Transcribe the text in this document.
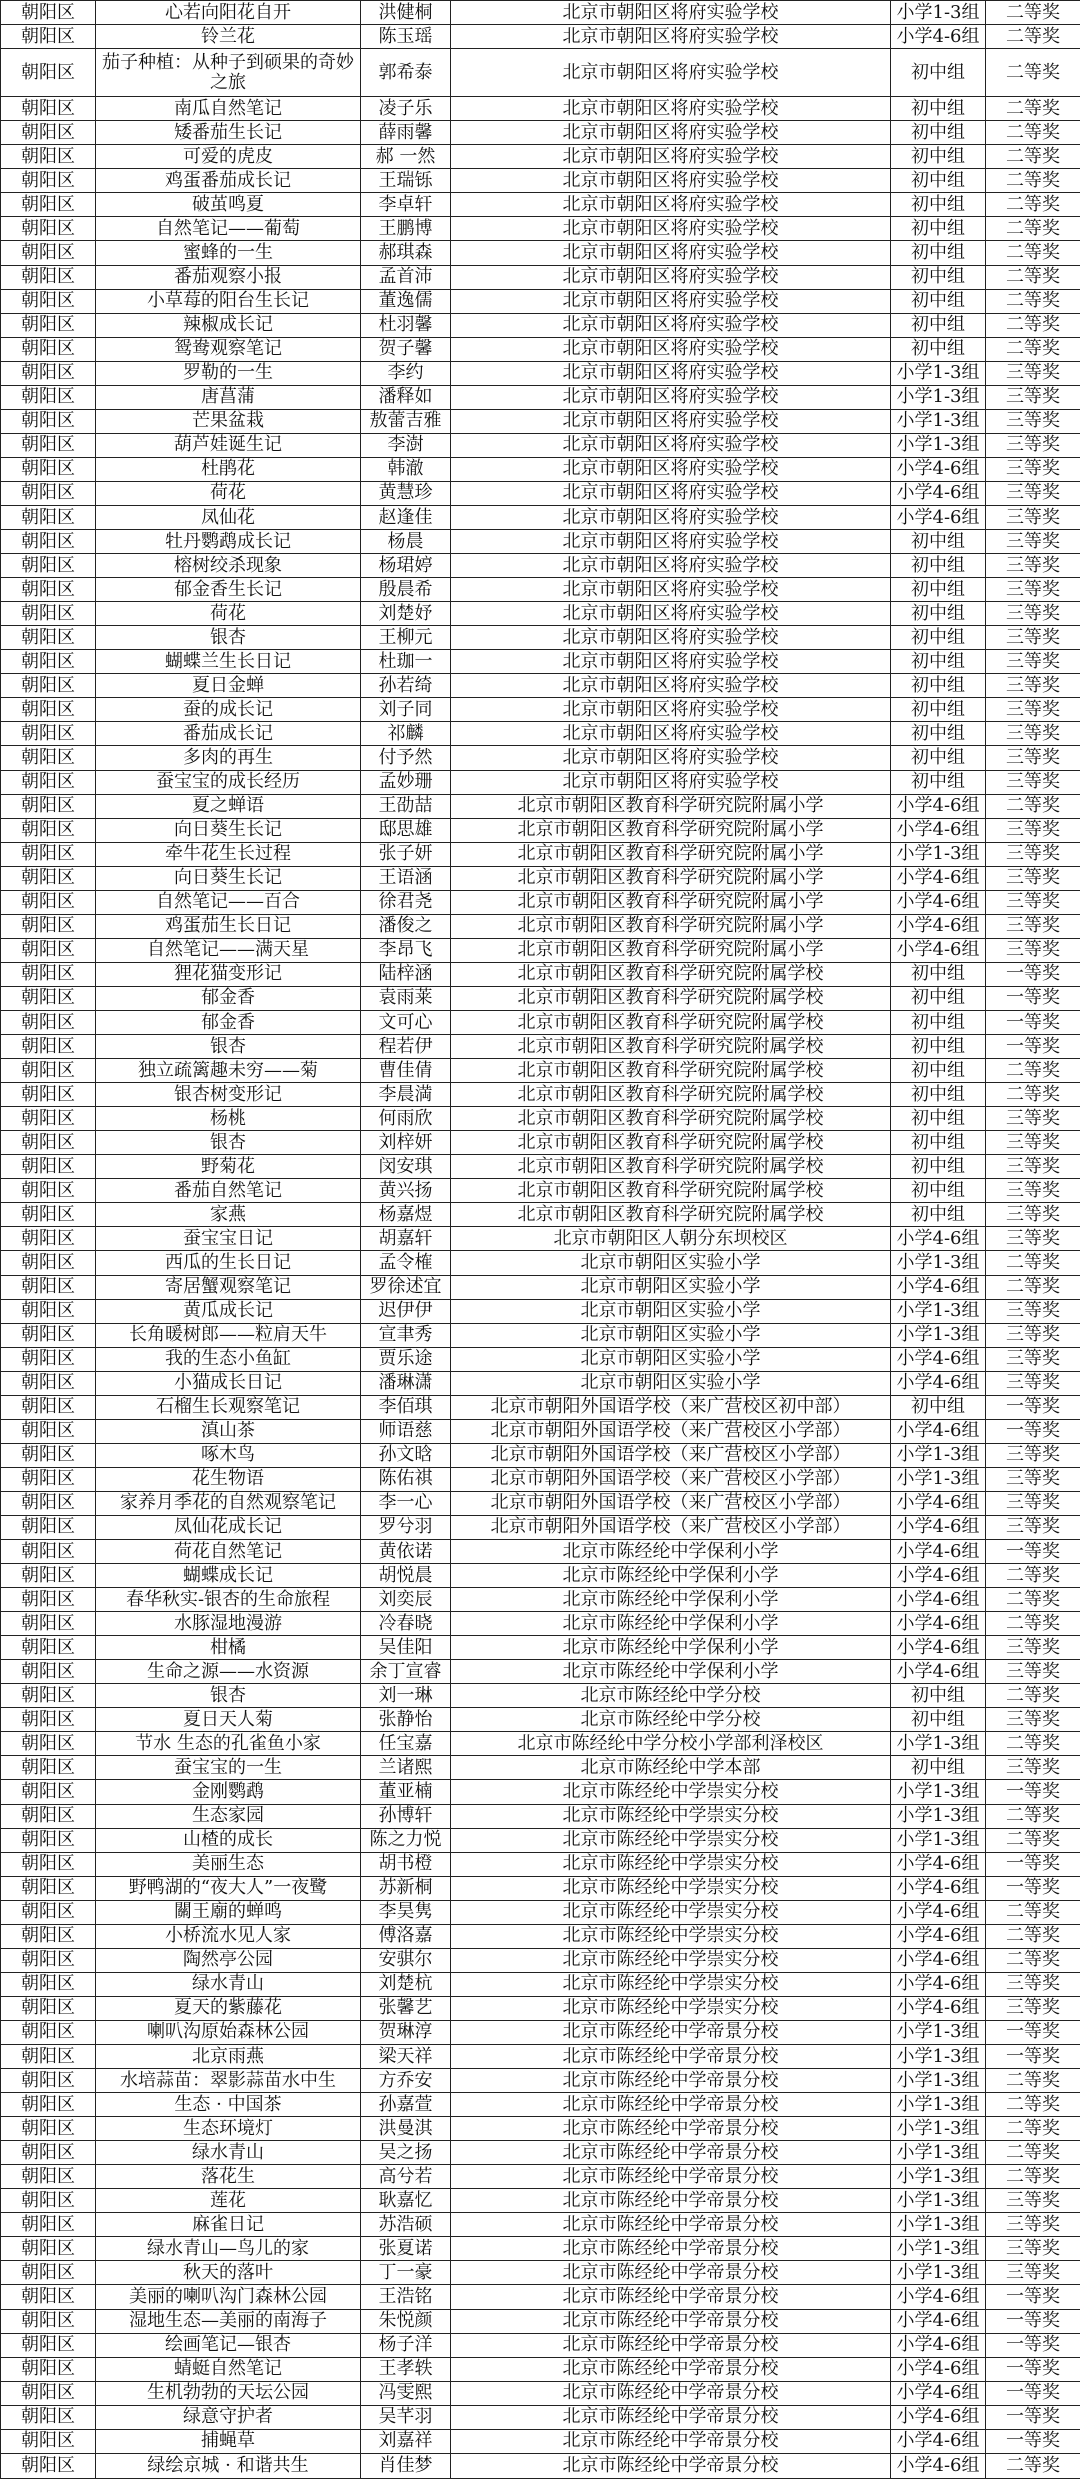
朝阳区	心若向阳花自开	洪健桐	北京市朝阳区将府实验学校	小学1-3组	二等奖
朝阳区	铃兰花	陈玉瑶	北京市朝阳区将府实验学校	小学4-6组	二等奖
朝阳区	茄子种植：从种子到硕果的奇妙之旅	郭希泰	北京市朝阳区将府实验学校	初中组	二等奖
朝阳区	南瓜自然笔记	凌子乐	北京市朝阳区将府实验学校	初中组	二等奖
朝阳区	矮番茄生长记	薛雨馨	北京市朝阳区将府实验学校	初中组	二等奖
朝阳区	可爱的虎皮	郝 一然	北京市朝阳区将府实验学校	初中组	二等奖
朝阳区	鸡蛋番茄成长记	王瑞铄	北京市朝阳区将府实验学校	初中组	二等奖
朝阳区	破茧鸣夏	李卓轩	北京市朝阳区将府实验学校	初中组	二等奖
朝阳区	自然笔记——葡萄	王鹏博	北京市朝阳区将府实验学校	初中组	二等奖
朝阳区	蜜蜂的一生	郝琪森	北京市朝阳区将府实验学校	初中组	二等奖
朝阳区	番茄观察小报	孟首沛	北京市朝阳区将府实验学校	初中组	二等奖
朝阳区	小草莓的阳台生长记	董逸儒	北京市朝阳区将府实验学校	初中组	二等奖
朝阳区	辣椒成长记	杜羽馨	北京市朝阳区将府实验学校	初中组	二等奖
朝阳区	鸳鸯观察笔记	贺子馨	北京市朝阳区将府实验学校	初中组	二等奖
朝阳区	罗勒的一生	李约	北京市朝阳区将府实验学校	小学1-3组	三等奖
朝阳区	唐菖蒲	潘释如	北京市朝阳区将府实验学校	小学1-3组	三等奖
朝阳区	芒果盆栽	敖蕾吉雅	北京市朝阳区将府实验学校	小学1-3组	三等奖
朝阳区	葫芦娃诞生记	李澍	北京市朝阳区将府实验学校	小学1-3组	三等奖
朝阳区	杜鹃花	韩澈	北京市朝阳区将府实验学校	小学4-6组	三等奖
朝阳区	荷花	黄慧珍	北京市朝阳区将府实验学校	小学4-6组	三等奖
朝阳区	凤仙花	赵逢佳	北京市朝阳区将府实验学校	小学4-6组	三等奖
朝阳区	牡丹鹦鹉成长记	杨晨	北京市朝阳区将府实验学校	初中组	三等奖
朝阳区	榕树绞杀现象	杨珺婷	北京市朝阳区将府实验学校	初中组	三等奖
朝阳区	郁金香生长记	殷晨希	北京市朝阳区将府实验学校	初中组	三等奖
朝阳区	荷花	刘楚妤	北京市朝阳区将府实验学校	初中组	三等奖
朝阳区	银杏	王柳元	北京市朝阳区将府实验学校	初中组	三等奖
朝阳区	蝴蝶兰生长日记	杜珈一	北京市朝阳区将府实验学校	初中组	三等奖
朝阳区	夏日金蝉	孙若绮	北京市朝阳区将府实验学校	初中组	三等奖
朝阳区	蚕的成长记	刘子同	北京市朝阳区将府实验学校	初中组	三等奖
朝阳区	番茄成长记	祁麟	北京市朝阳区将府实验学校	初中组	三等奖
朝阳区	多肉的再生	付予然	北京市朝阳区将府实验学校	初中组	三等奖
朝阳区	蚕宝宝的成长经历	孟妙珊	北京市朝阳区将府实验学校	初中组	三等奖
朝阳区	夏之蝉语	王劭喆	北京市朝阳区教育科学研究院附属小学	小学4-6组	二等奖
朝阳区	向日葵生长记	邸思雄	北京市朝阳区教育科学研究院附属小学	小学4-6组	三等奖
朝阳区	牵牛花生长过程	张子妍	北京市朝阳区教育科学研究院附属小学	小学1-3组	三等奖
朝阳区	向日葵生长记	王语涵	北京市朝阳区教育科学研究院附属小学	小学4-6组	三等奖
朝阳区	自然笔记——百合	徐君尧	北京市朝阳区教育科学研究院附属小学	小学4-6组	三等奖
朝阳区	鸡蛋茄生长日记	潘俊之	北京市朝阳区教育科学研究院附属小学	小学4-6组	三等奖
朝阳区	自然笔记——满天星	李昂飞	北京市朝阳区教育科学研究院附属小学	小学4-6组	三等奖
朝阳区	狸花猫变形记	陆梓涵	北京市朝阳区教育科学研究院附属学校	初中组	一等奖
朝阳区	郁金香	袁雨莱	北京市朝阳区教育科学研究院附属学校	初中组	一等奖
朝阳区	郁金香	文可心	北京市朝阳区教育科学研究院附属学校	初中组	一等奖
朝阳区	银杏	程若伊	北京市朝阳区教育科学研究院附属学校	初中组	一等奖
朝阳区	独立疏篱趣未穷——菊	曹佳倩	北京市朝阳区教育科学研究院附属学校	初中组	二等奖
朝阳区	银杏树变形记	李晨満	北京市朝阳区教育科学研究院附属学校	初中组	二等奖
朝阳区	杨桃	何雨欣	北京市朝阳区教育科学研究院附属学校	初中组	三等奖
朝阳区	银杏	刘梓妍	北京市朝阳区教育科学研究院附属学校	初中组	三等奖
朝阳区	野菊花	闵安琪	北京市朝阳区教育科学研究院附属学校	初中组	三等奖
朝阳区	番茄自然笔记	黄兴扬	北京市朝阳区教育科学研究院附属学校	初中组	三等奖
朝阳区	家燕	杨嘉煜	北京市朝阳区教育科学研究院附属学校	初中组	三等奖
朝阳区	蚕宝宝日记	胡嘉轩	北京市朝阳区人朝分东坝校区	小学4-6组	三等奖
朝阳区	西瓜的生长日记	孟令榷	北京市朝阳区实验小学	小学1-3组	二等奖
朝阳区	寄居蟹观察笔记	罗徐述宜	北京市朝阳区实验小学	小学4-6组	二等奖
朝阳区	黄瓜成长记	迟伊伊	北京市朝阳区实验小学	小学1-3组	三等奖
朝阳区	长角暖树郎——粒肩天牛	宣聿秀	北京市朝阳区实验小学	小学1-3组	三等奖
朝阳区	我的生态小鱼缸	贾乐途	北京市朝阳区实验小学	小学4-6组	三等奖
朝阳区	小猫成长日记	潘琳潇	北京市朝阳区实验小学	小学4-6组	三等奖
朝阳区	石榴生长观察笔记	李佰琪	北京市朝阳外国语学校（来广营校区初中部）	初中组	一等奖
朝阳区	滇山茶	师语慈	北京市朝阳外国语学校（来广营校区小学部）	小学4-6组	一等奖
朝阳区	啄木鸟	孙文晗	北京市朝阳外国语学校（来广营校区小学部）	小学1-3组	三等奖
朝阳区	花生物语	陈佑祺	北京市朝阳外国语学校（来广营校区小学部）	小学1-3组	三等奖
朝阳区	家养月季花的自然观察笔记	李一心	北京市朝阳外国语学校（来广营校区小学部）	小学4-6组	三等奖
朝阳区	凤仙花成长记	罗兮羽	北京市朝阳外国语学校（来广营校区小学部）	小学4-6组	三等奖
朝阳区	荷花自然笔记	黄依诺	北京市陈经纶中学保利小学	小学4-6组	一等奖
朝阳区	蝴蝶成长记	胡悦晨	北京市陈经纶中学保利小学	小学4-6组	二等奖
朝阳区	春华秋实-银杏的生命旅程	刘奕辰	北京市陈经纶中学保利小学	小学4-6组	二等奖
朝阳区	水豚湿地漫游	冷春晓	北京市陈经纶中学保利小学	小学4-6组	二等奖
朝阳区	柑橘	吴佳阳	北京市陈经纶中学保利小学	小学4-6组	三等奖
朝阳区	生命之源——水资源	余丁宣睿	北京市陈经纶中学保利小学	小学4-6组	三等奖
朝阳区	银杏	刘一琳	北京市陈经纶中学分校	初中组	二等奖
朝阳区	夏日天人菊	张静怡	北京市陈经纶中学分校	初中组	三等奖
朝阳区	节水 生态的孔雀鱼小家	任宝嘉	北京市陈经纶中学分校小学部利泽校区	小学1-3组	二等奖
朝阳区	蚕宝宝的一生	兰诸熙	北京市陈经纶中学本部	初中组	三等奖
朝阳区	金刚鹦鹉	董亚楠	北京市陈经纶中学崇实分校	小学1-3组	一等奖
朝阳区	生态家园	孙博轩	北京市陈经纶中学崇实分校	小学1-3组	二等奖
朝阳区	山楂的成长	陈之力悦	北京市陈经纶中学崇实分校	小学1-3组	二等奖
朝阳区	美丽生态	胡书橙	北京市陈经纶中学崇实分校	小学4-6组	一等奖
朝阳区	野鸭湖的“夜大人”一夜鹭	苏新桐	北京市陈经纶中学崇实分校	小学4-6组	一等奖
朝阳区	關王廟的蝉鸣	李昊隽	北京市陈经纶中学崇实分校	小学4-6组	二等奖
朝阳区	小桥流水见人家	傅洛嘉	北京市陈经纶中学崇实分校	小学4-6组	二等奖
朝阳区	陶然亭公园	安骐尔	北京市陈经纶中学崇实分校	小学4-6组	二等奖
朝阳区	绿水青山	刘楚杭	北京市陈经纶中学崇实分校	小学4-6组	三等奖
朝阳区	夏天的紫藤花	张馨艺	北京市陈经纶中学崇实分校	小学4-6组	三等奖
朝阳区	喇叭沟原始森林公园	贺琳淳	北京市陈经纶中学帝景分校	小学1-3组	一等奖
朝阳区	北京雨燕	梁天祥	北京市陈经纶中学帝景分校	小学1-3组	一等奖
朝阳区	水培蒜苗：翠影蒜苗水中生	方乔安	北京市陈经纶中学帝景分校	小学1-3组	二等奖
朝阳区	生态 · 中国茶	孙嘉萱	北京市陈经纶中学帝景分校	小学1-3组	二等奖
朝阳区	生态环境灯	洪曼淇	北京市陈经纶中学帝景分校	小学1-3组	二等奖
朝阳区	绿水青山	吴之扬	北京市陈经纶中学帝景分校	小学1-3组	二等奖
朝阳区	落花生	高兮若	北京市陈经纶中学帝景分校	小学1-3组	二等奖
朝阳区	莲花	耿嘉忆	北京市陈经纶中学帝景分校	小学1-3组	三等奖
朝阳区	麻雀日记	苏浩硕	北京市陈经纶中学帝景分校	小学1-3组	三等奖
朝阳区	绿水青山—鸟儿的家	张夏诺	北京市陈经纶中学帝景分校	小学1-3组	三等奖
朝阳区	秋天的落叶	丁一豪	北京市陈经纶中学帝景分校	小学1-3组	三等奖
朝阳区	美丽的喇叭沟门森林公园	王浩铭	北京市陈经纶中学帝景分校	小学4-6组	一等奖
朝阳区	湿地生态—美丽的南海子	朱悦颜	北京市陈经纶中学帝景分校	小学4-6组	一等奖
朝阳区	绘画笔记—银杏	杨子洋	北京市陈经纶中学帝景分校	小学4-6组	一等奖
朝阳区	蜻蜓自然笔记	王孝轶	北京市陈经纶中学帝景分校	小学4-6组	一等奖
朝阳区	生机勃勃的天坛公园	冯雯熙	北京市陈经纶中学帝景分校	小学4-6组	一等奖
朝阳区	绿意守护者	吴芊羽	北京市陈经纶中学帝景分校	小学4-6组	一等奖
朝阳区	捕蝇草	刘嘉祥	北京市陈经纶中学帝景分校	小学4-6组	一等奖
朝阳区	绿绘京城 · 和谐共生	肖佳梦	北京市陈经纶中学帝景分校	小学4-6组	二等奖
